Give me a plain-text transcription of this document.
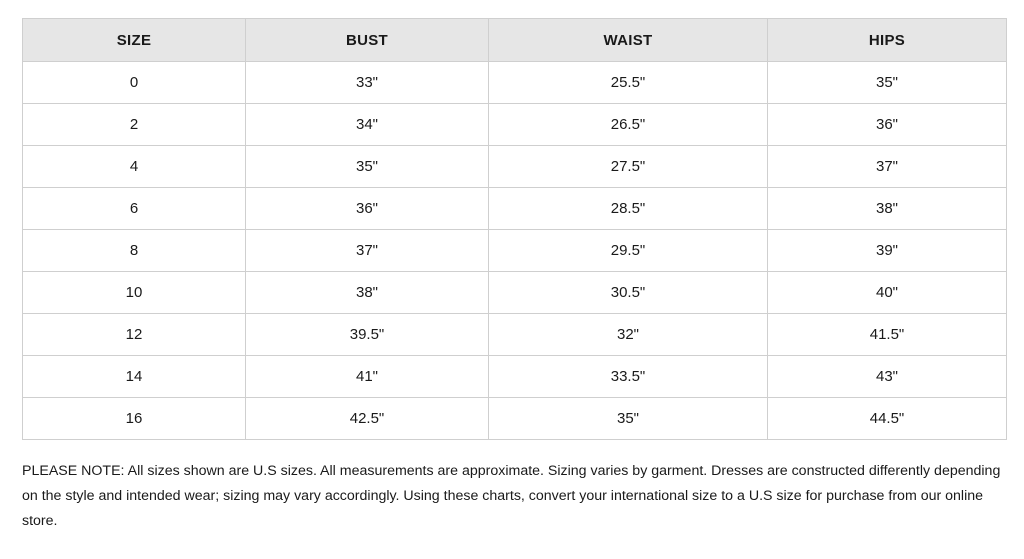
SIZE	BUST	WAIST	HIPS
0	33"	25.5"	35"
2	34"	26.5"	36"
4	35"	27.5"	37"
6	36"	28.5"	38"
8	37"	29.5"	39"
10	38"	30.5"	40"
12	39.5"	32"	41.5"
14	41"	33.5"	43"
16	42.5"	35"	44.5"

PLEASE NOTE: All sizes shown are U.S sizes. All measurements are approximate. Sizing varies by garment. Dresses are constructed differently depending on the style and intended wear; sizing may vary accordingly. Using these charts, convert your international size to a U.S size for purchase from our online store.
